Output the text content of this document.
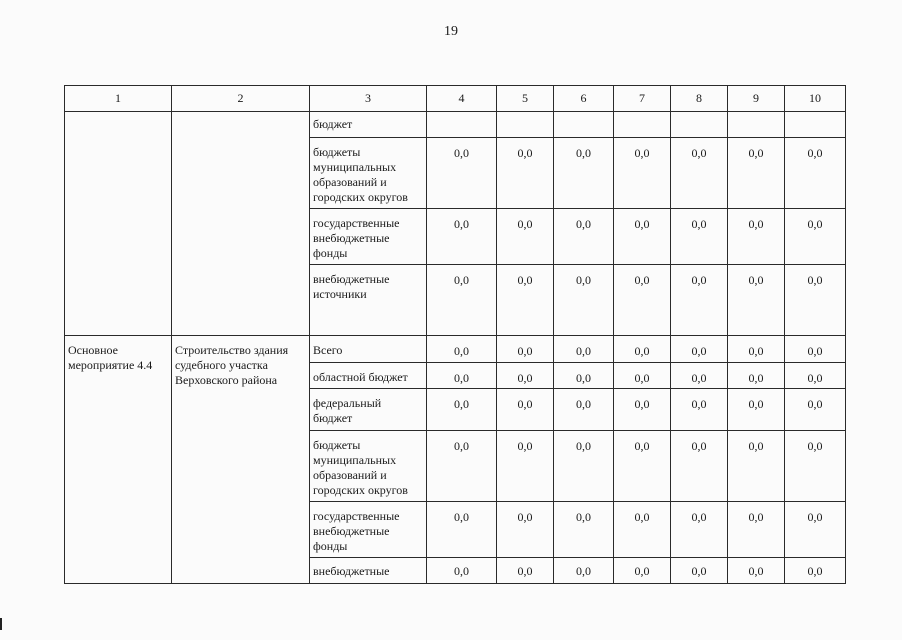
19
1	2	3	4	5	6	7	8	9	10
		бюджет							
		бюджеты муниципальных образований и городских округов	0,0	0,0	0,0	0,0	0,0	0,0	0,0
		государственные внебюджетные фонды	0,0	0,0	0,0	0,0	0,0	0,0	0,0
		внебюджетные источники	0,0	0,0	0,0	0,0	0,0	0,0	0,0
Основное мероприятие 4.4	Строительство здания судебного участка Верховского района	Всего	0,0	0,0	0,0	0,0	0,0	0,0	0,0
		областной бюджет	0,0	0,0	0,0	0,0	0,0	0,0	0,0
		федеральный бюджет	0,0	0,0	0,0	0,0	0,0	0,0	0,0
		бюджеты муниципальных образований и городских округов	0,0	0,0	0,0	0,0	0,0	0,0	0,0
		государственные внебюджетные фонды	0,0	0,0	0,0	0,0	0,0	0,0	0,0
		внебюджетные	0,0	0,0	0,0	0,0	0,0	0,0	0,0
